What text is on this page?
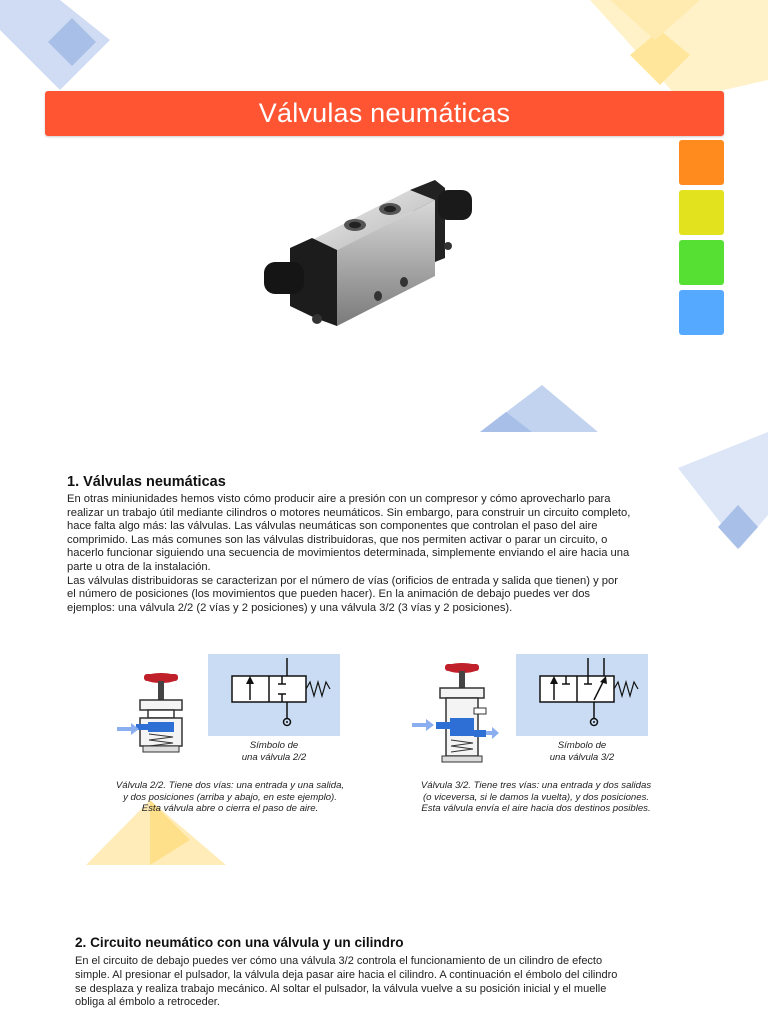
Válvulas neumáticas
1. Válvulas neumáticas
En otras miniunidades hemos visto cómo producir aire a presión con un compresor y cómo aprovecharlo para
realizar un trabajo útil mediante cilindros o motores neumáticos. Sin embargo, para construir un circuito completo,
hace falta algo más: las válvulas. Las válvulas neumáticas son componentes que controlan el paso del aire
comprimido. Las más comunes son las válvulas distribuidoras, que nos permiten activar o parar un circuito, o
hacerlo funcionar siguiendo una secuencia de movimientos determinada, simplemente enviando el aire hacia una
parte u otra de la instalación.
Las válvulas distribuidoras se caracterizan por el número de vías (orificios de entrada y salida que tienen) y por
el número de posiciones (los movimientos que pueden hacer). En la animación de debajo puedes ver dos
ejemplos: una válvula 2/2 (2 vías y 2 posiciones) y una válvula 3/2 (3 vías y 2 posiciones).
Símbolo de
una válvula 2/2
Válvula 2/2. Tiene dos vías: una entrada y una salida,
y dos posiciones (arriba y abajo, en este ejemplo).
Esta válvula abre o cierra el paso de aire.
Símbolo de
una válvula 3/2
Válvula 3/2. Tiene tres vías: una entrada y dos salidas
(o viceversa, si le damos la vuelta), y dos posiciones.
Esta válvula envía el aire hacia dos destinos posibles.
2. Circuito neumático con una válvula y un cilindro
En el circuito de debajo puedes ver cómo una válvula 3/2 controla el funcionamiento de un cilindro de efecto
simple. Al presionar el pulsador, la válvula deja pasar aire hacia el cilindro. A continuación el émbolo del cilindro
se desplaza y realiza trabajo mecánico. Al soltar el pulsador, la válvula vuelve a su posición inicial y el muelle
obliga al émbolo a retroceder.
